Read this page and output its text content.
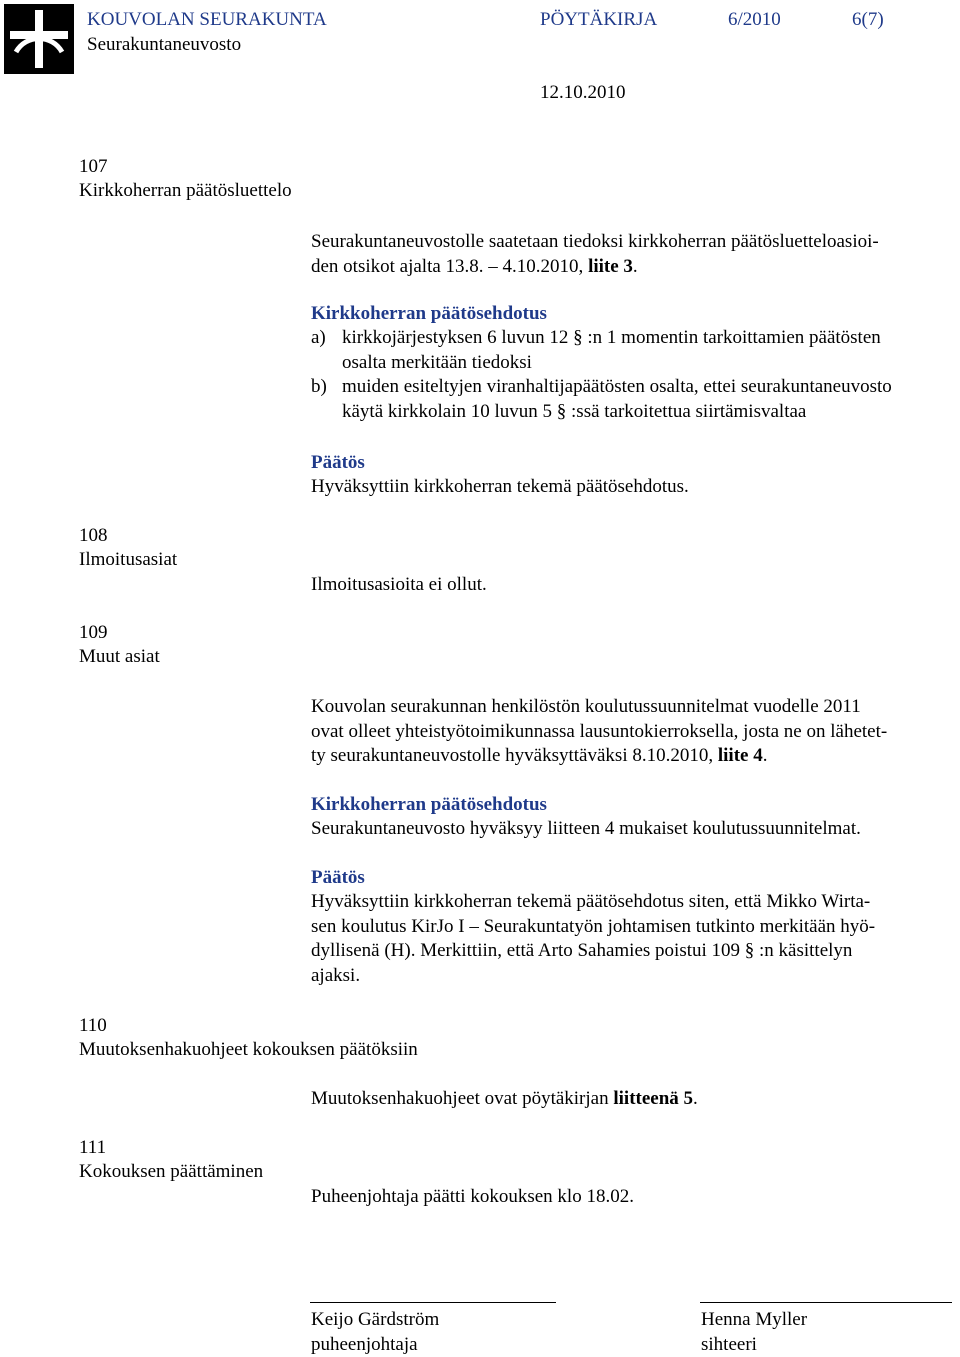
KOUVOLAN SEURAKUNTA	PÖYTÄKIRJA	6/2010	6(7)
Seurakuntaneuvosto
12.10.2010
107
Kirkkoherran päätösluettelo
Seurakuntaneuvostolle saatetaan tiedoksi kirkkoherran päätösluetteloasioi-
den otsikot ajalta 13.8. – 4.10.2010, liite 3.
Kirkkoherran päätösehdotus
a) kirkkojärjestyksen 6 luvun 12 § :n 1 momentin tarkoittamien päätösten
osalta merkitään tiedoksi
b) muiden esiteltyjen viranhaltijapäätösten osalta, ettei seurakuntaneuvosto
käytä kirkkolain 10 luvun 5 § :ssä tarkoitettua siirtämisvaltaa
Päätös
Hyväksyttiin kirkkoherran tekemä päätösehdotus.
108
Ilmoitusasiat
Ilmoitusasioita ei ollut.
109
Muut asiat
Kouvolan seurakunnan henkilöstön koulutussuunnitelmat vuodelle 2011
ovat olleet yhteistyötoimikunnassa lausuntokierroksella, josta ne on lähetet-
ty seurakuntaneuvostolle hyväksyttäväksi 8.10.2010, liite 4.
Kirkkoherran päätösehdotus
Seurakuntaneuvosto hyväksyy liitteen 4 mukaiset koulutussuunnitelmat.
Päätös
Hyväksyttiin kirkkoherran tekemä päätösehdotus siten, että Mikko Wirta-
sen koulutus KirJo I – Seurakuntatyön johtamisen tutkinto merkitään hyö-
dyllisenä (H). Merkittiin, että Arto Sahamies poistui 109 § :n käsittelyn
ajaksi.
110
Muutoksenhakuohjeet kokouksen päätöksiin
Muutoksenhakuohjeet ovat pöytäkirjan liitteenä 5.
111
Kokouksen päättäminen
Puheenjohtaja päätti kokouksen klo 18.02.
Keijo Gärdström
puheenjohtaja
Henna Myller
sihteeri
